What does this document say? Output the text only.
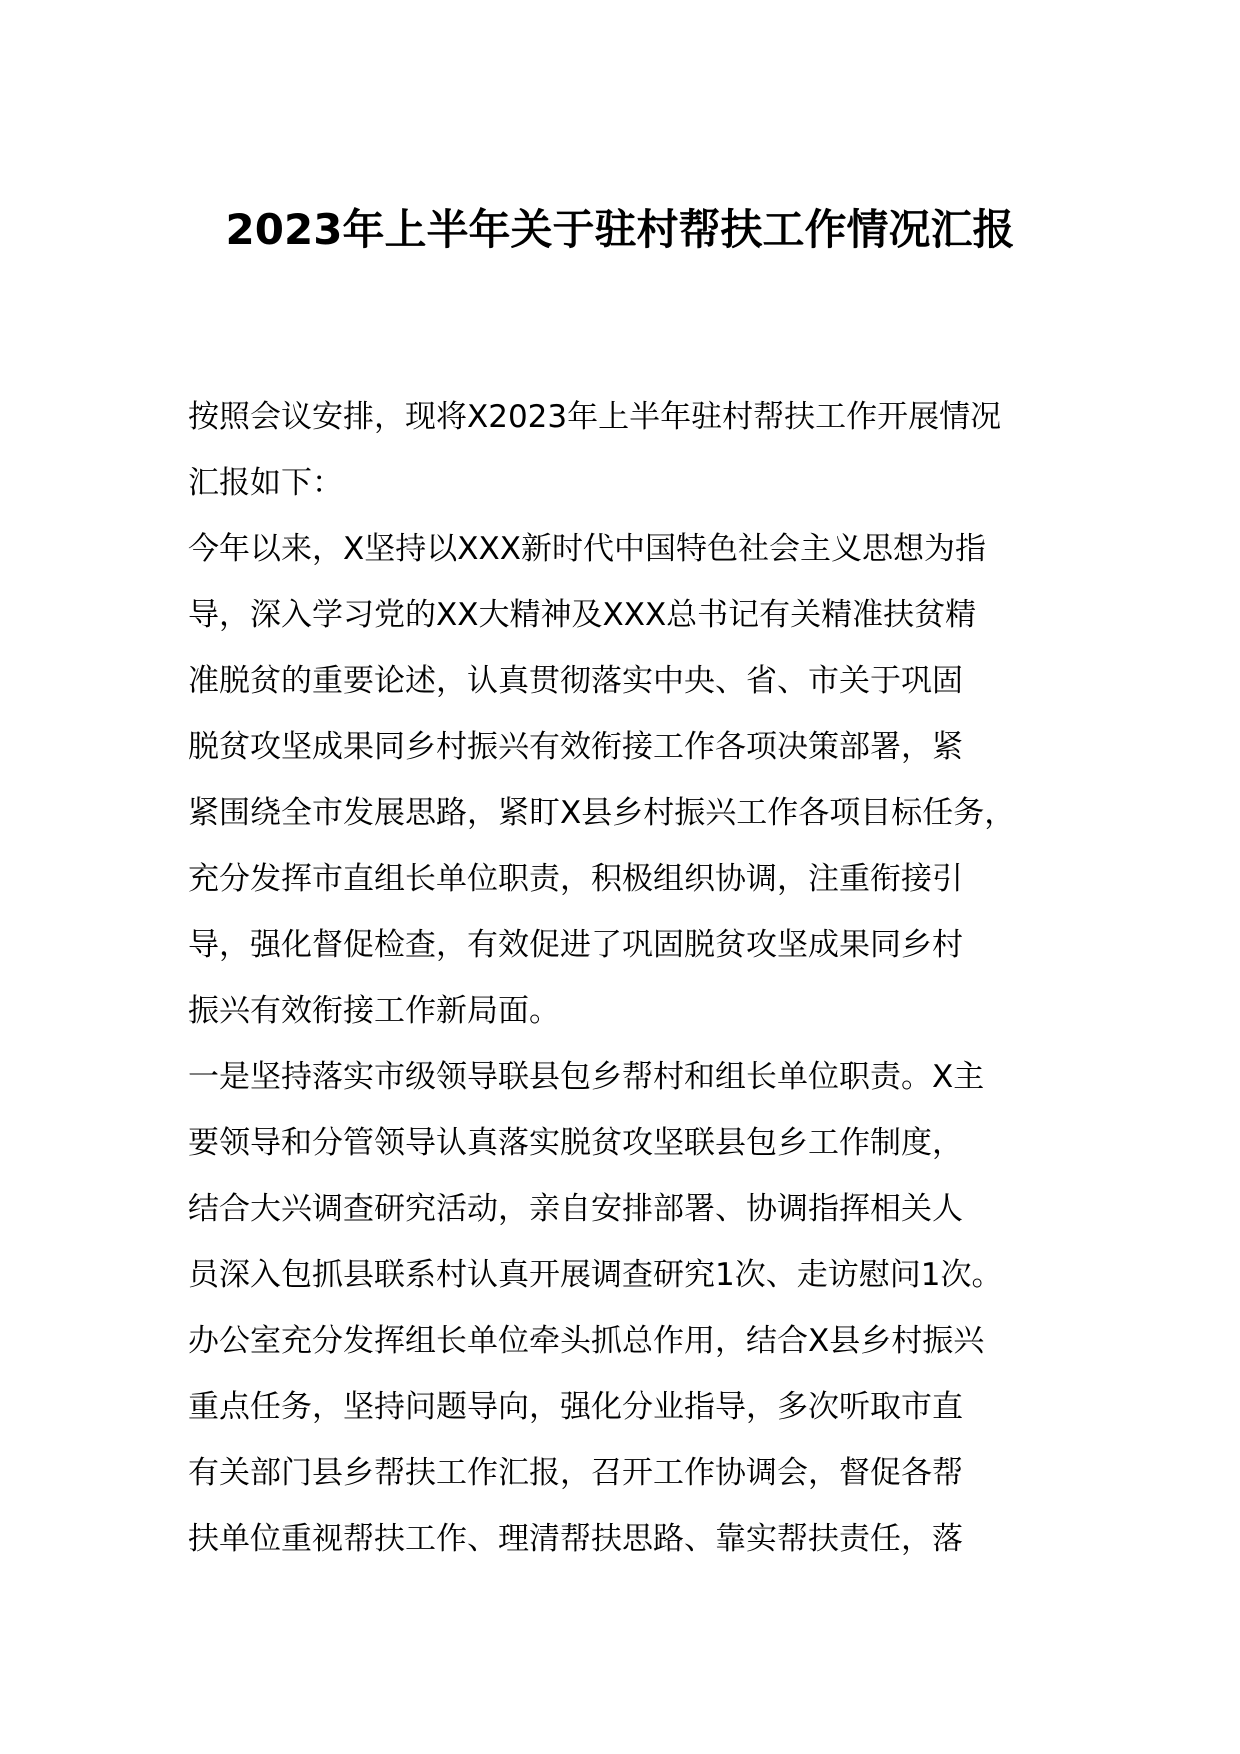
2023年上半年关于驻村帮扶工作情况汇报
按照会议安排，现将X2023年上半年驻村帮扶工作开展情况
汇报如下：
今年以来，X坚持以XXX新时代中国特色社会主义思想为指
导，深入学习党的XX大精神及XXX总书记有关精准扶贫精
准脱贫的重要论述，认真贯彻落实中央、省、市关于巩固
脱贫攻坚成果同乡村振兴有效衔接工作各项决策部署，紧
紧围绕全市发展思路，紧盯X县乡村振兴工作各项目标任务，
充分发挥市直组长单位职责，积极组织协调，注重衔接引
导，强化督促检查，有效促进了巩固脱贫攻坚成果同乡村
振兴有效衔接工作新局面。
一是坚持落实市级领导联县包乡帮村和组长单位职责。X主
要领导和分管领导认真落实脱贫攻坚联县包乡工作制度，
结合大兴调查研究活动，亲自安排部署、协调指挥相关人
员深入包抓县联系村认真开展调查研究1次、走访慰问1次。
办公室充分发挥组长单位牵头抓总作用，结合X县乡村振兴
重点任务，坚持问题导向，强化分业指导，多次听取市直
有关部门县乡帮扶工作汇报，召开工作协调会，督促各帮
扶单位重视帮扶工作、理清帮扶思路、靠实帮扶责任，落
